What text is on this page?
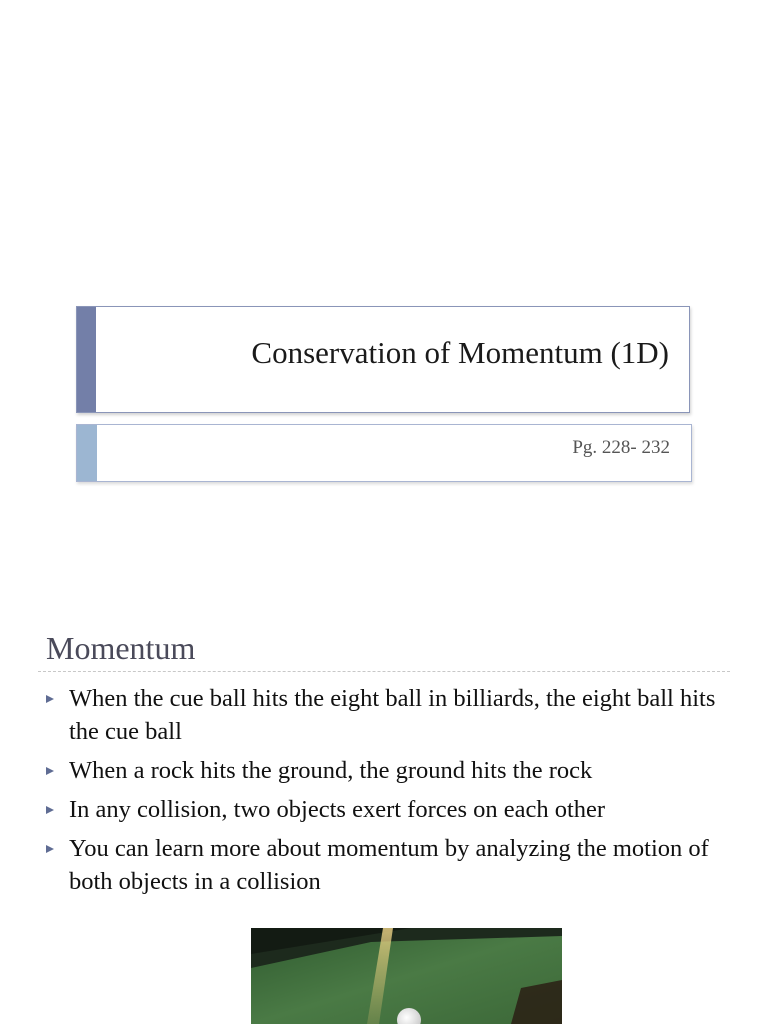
Conservation of Momentum (1D)
Pg. 228- 232
Momentum
When the cue ball hits the eight ball in billiards, the eight ball hits the cue ball
When a rock hits the ground, the ground hits the rock
In any collision, two objects exert forces on each other
You can learn more about momentum by analyzing the motion of both objects in a collision
